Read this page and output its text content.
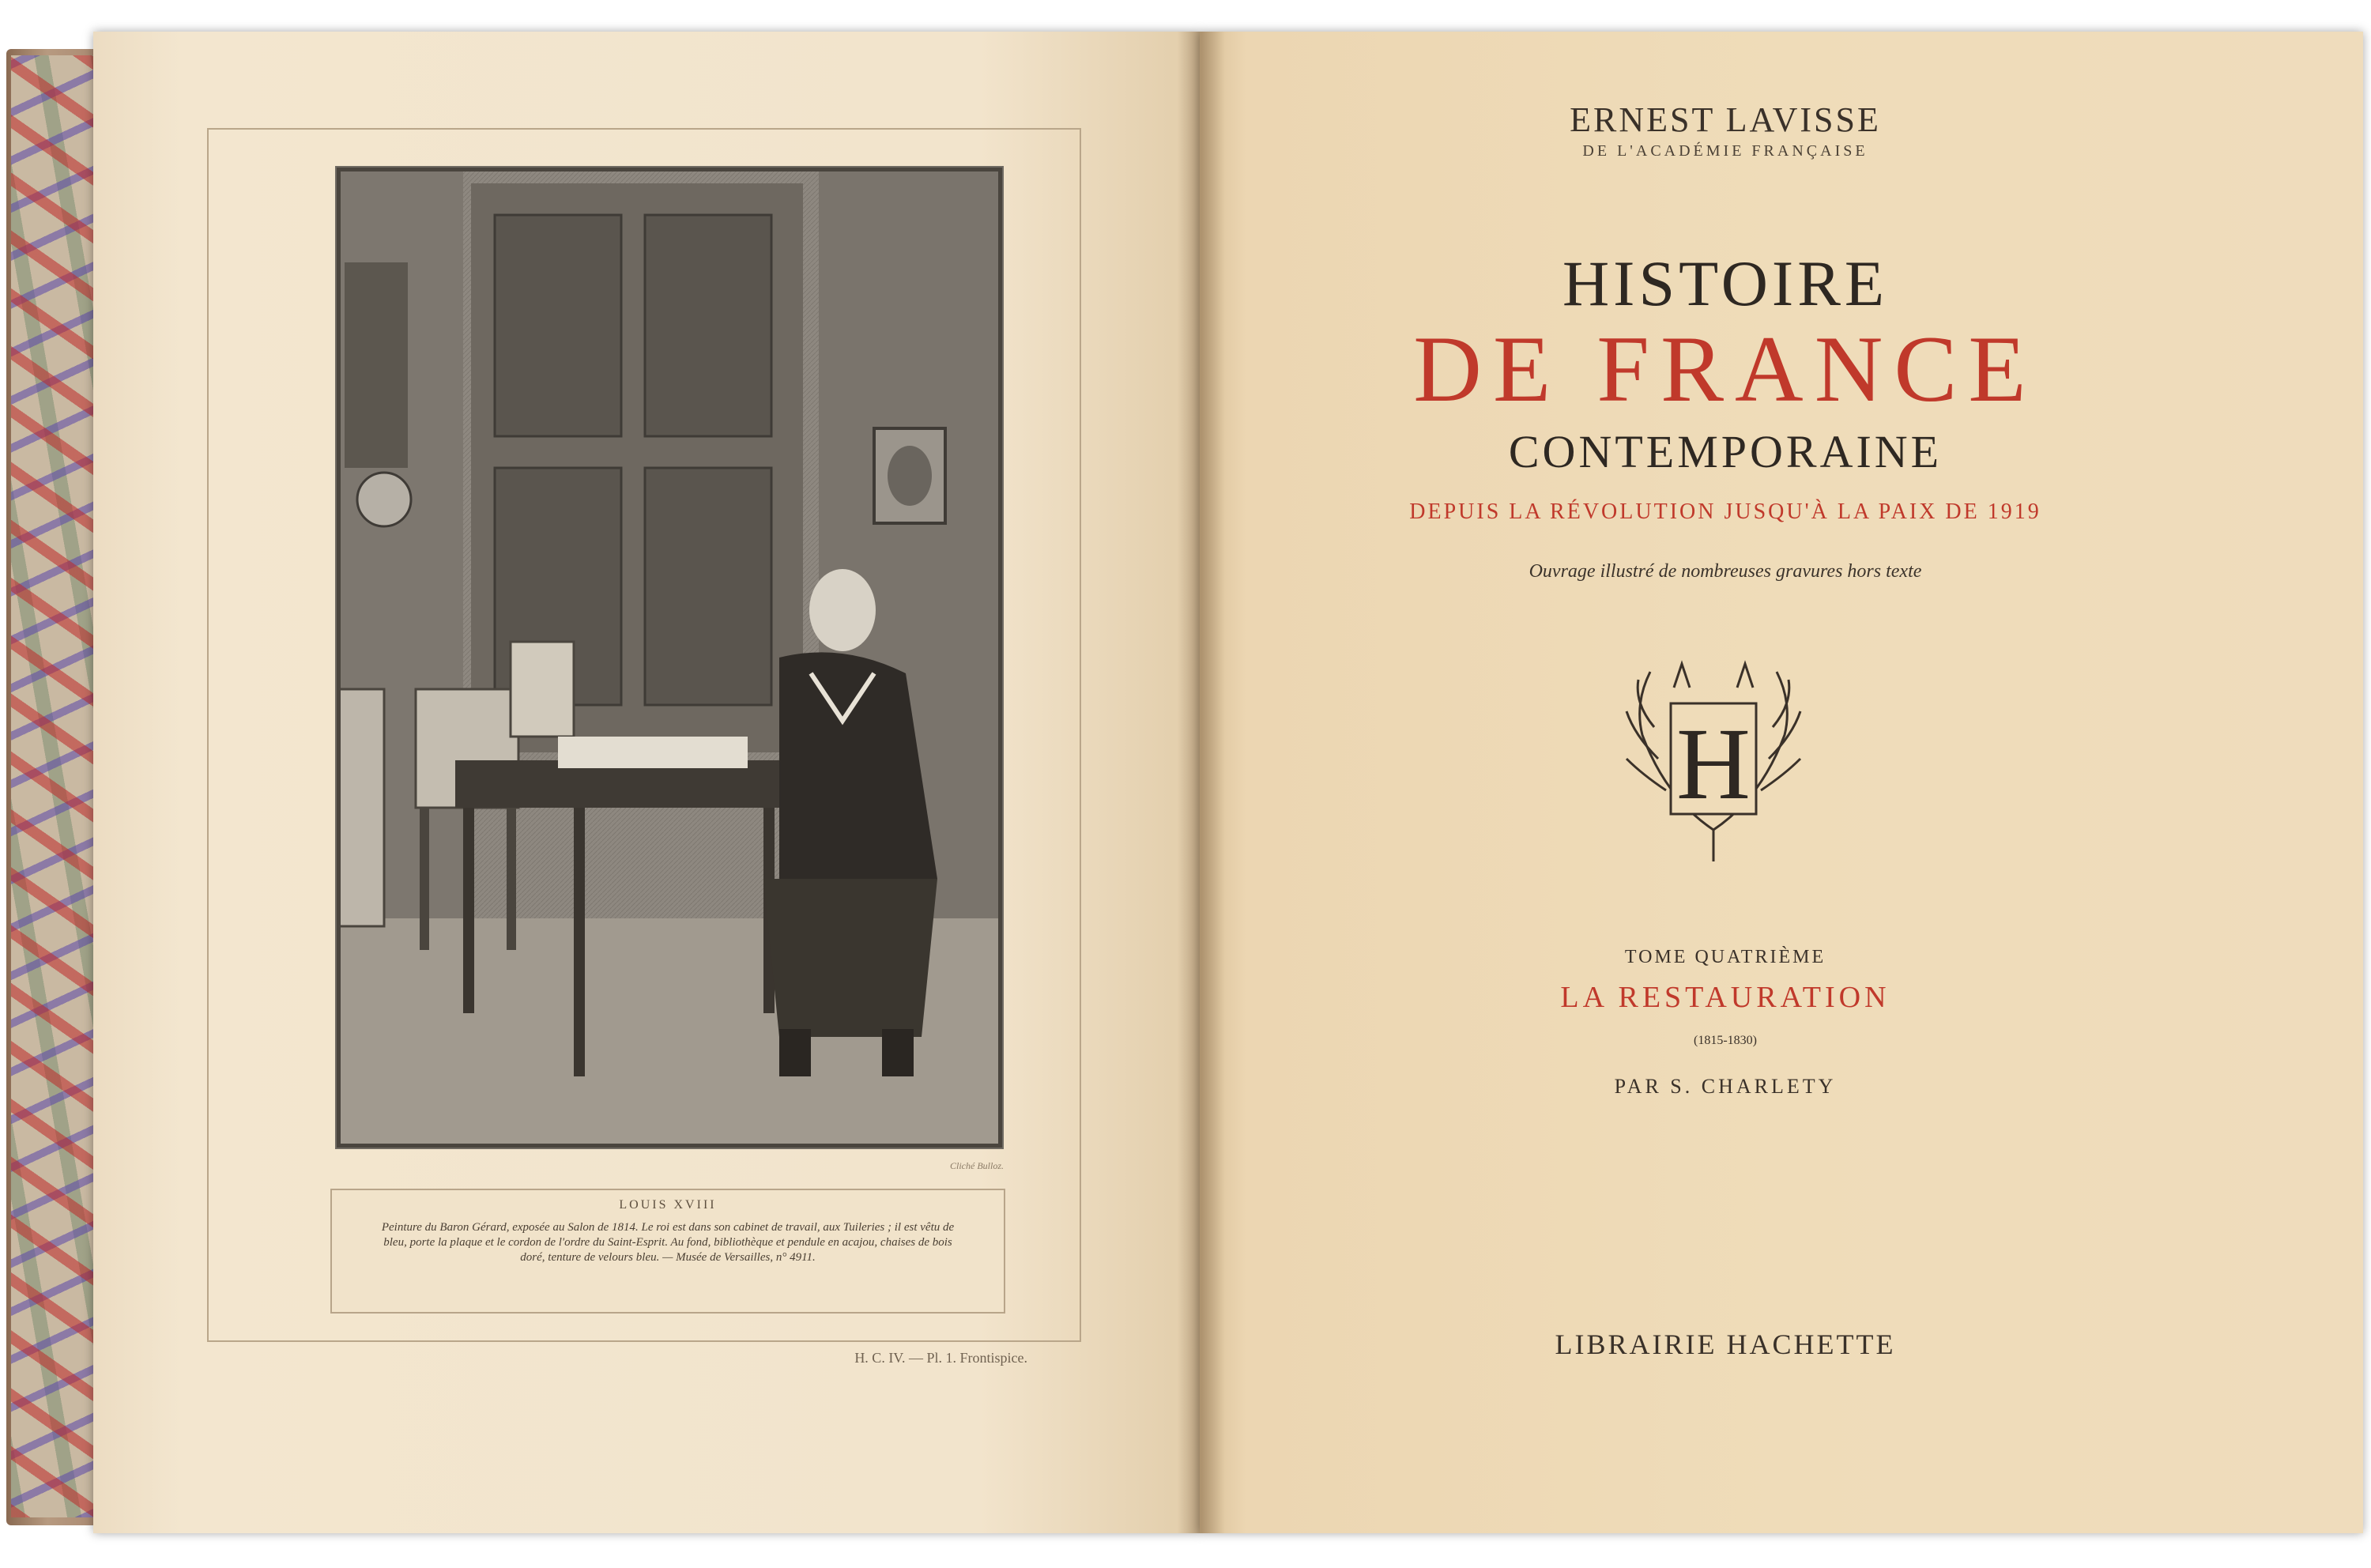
Cliché Bulloz.
LOUIS XVIII
Peinture du Baron Gérard, exposée au Salon de 1814. Le roi est dans son cabinet de travail, aux Tuileries ; il est vêtu de bleu, porte la plaque et le cordon de l'ordre du Saint-Esprit. Au fond, bibliothèque et pendule en acajou, chaises de bois doré, tenture de velours bleu. — Musée de Versailles, n° 4911.
H. C. IV. — Pl. 1. Frontispice.
ERNEST LAVISSE
DE L'ACADÉMIE FRANÇAISE
HISTOIRE
DE FRANCE
CONTEMPORAINE
DEPUIS LA RÉVOLUTION JUSQU'À LA PAIX DE 1919
Ouvrage illustré de nombreuses gravures hors texte
H
TOME QUATRIÈME
LA RESTAURATION
(1815-1830)
PAR S. CHARLETY
LIBRAIRIE HACHETTE
